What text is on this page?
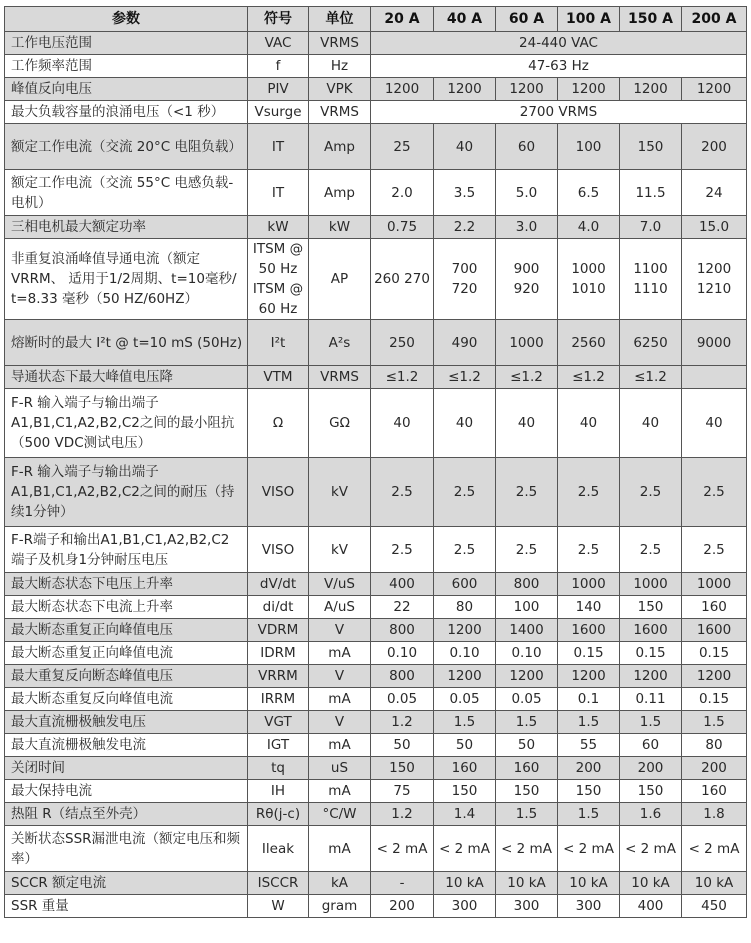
参数	符号	单位	20 A	40 A	60 A	100 A	150 A	200 A
工作电压范围	VAC	VRMS	24-440 VAC					
工作频率范围	f	Hz	47-63 Hz					
峰值反向电压	PIV	VPK	1200	1200	1200	1200	1200	1200
最大负载容量的浪涌电压（<1 秒）	Vsurge	VRMS	2700 VRMS					
额定工作电流（交流 20°C 电阻负载）	IT	Amp	25	40	60	100	150	200
额定工作电流（交流 55°C 电感负载-电机）	IT	Amp	2.0	3.5	5.0	6.5	11.5	24
三相电机最大额定功率	kW	kW	0.75	2.2	3.0	4.0	7.0	15.0
非重复浪涌峰值导通电流（额定VRRM、 适用于1/2周期、t=10毫秒/ t=8.33 毫秒（50 HZ/60HZ）	ITSM @ 50 Hz ITSM @ 60 Hz	AP	260 270	700 720	900 920	1000 1010	1100 1110	1200 1210
熔断时的最大 I²t @ t=10 mS (50Hz)	I²t	A²s	250	490	1000	2560	6250	9000
导通状态下最大峰值电压降	VTM	VRMS	≤1.2	≤1.2	≤1.2	≤1.2	≤1.2	
F-R 输入端子与输出端子 A1,B1,C1,A2,B2,C2之间的最小阻抗（500 VDC测试电压）	Ω	GΩ	40	40	40	40	40	40
F-R 输入端子与输出端子 A1,B1,C1,A2,B2,C2之间的耐压（持续1分钟）	VISO	kV	2.5	2.5	2.5	2.5	2.5	2.5
F-R端子和输出A1,B1,C1,A2,B2,C2 端子及机身1分钟耐压电压	VISO	kV	2.5	2.5	2.5	2.5	2.5	2.5
最大断态状态下电压上升率	dV/dt	V/uS	400	600	800	1000	1000	1000
最大断态状态下电流上升率	di/dt	A/uS	22	80	100	140	150	160
最大断态重复正向峰值电压	VDRM	V	800	1200	1400	1600	1600	1600
最大断态重复正向峰值电流	IDRM	mA	0.10	0.10	0.10	0.15	0.15	0.15
最大重复反向断态峰值电压	VRRM	V	800	1200	1200	1200	1200	1200
最大断态重复反向峰值电流	IRRM	mA	0.05	0.05	0.05	0.1	0.11	0.15
最大直流栅极触发电压	VGT	V	1.2	1.5	1.5	1.5	1.5	1.5
最大直流栅极触发电流	IGT	mA	50	50	50	55	60	80
关闭时间	tq	uS	150	160	160	200	200	200
最大保持电流	IH	mA	75	150	150	150	150	160
热阻 R（结点至外壳）	Rθ(j-c)	°C/W	1.2	1.4	1.5	1.5	1.6	1.8
关断状态SSR漏泄电流（额定电压和频率）	Ileak	mA	< 2 mA	< 2 mA	< 2 mA	< 2 mA	< 2 mA	< 2 mA
SCCR 额定电流	ISCCR	kA	-	10 kA	10 kA	10 kA	10 kA	10 kA
SSR 重量	W	gram	200	300	300	300	400	450
